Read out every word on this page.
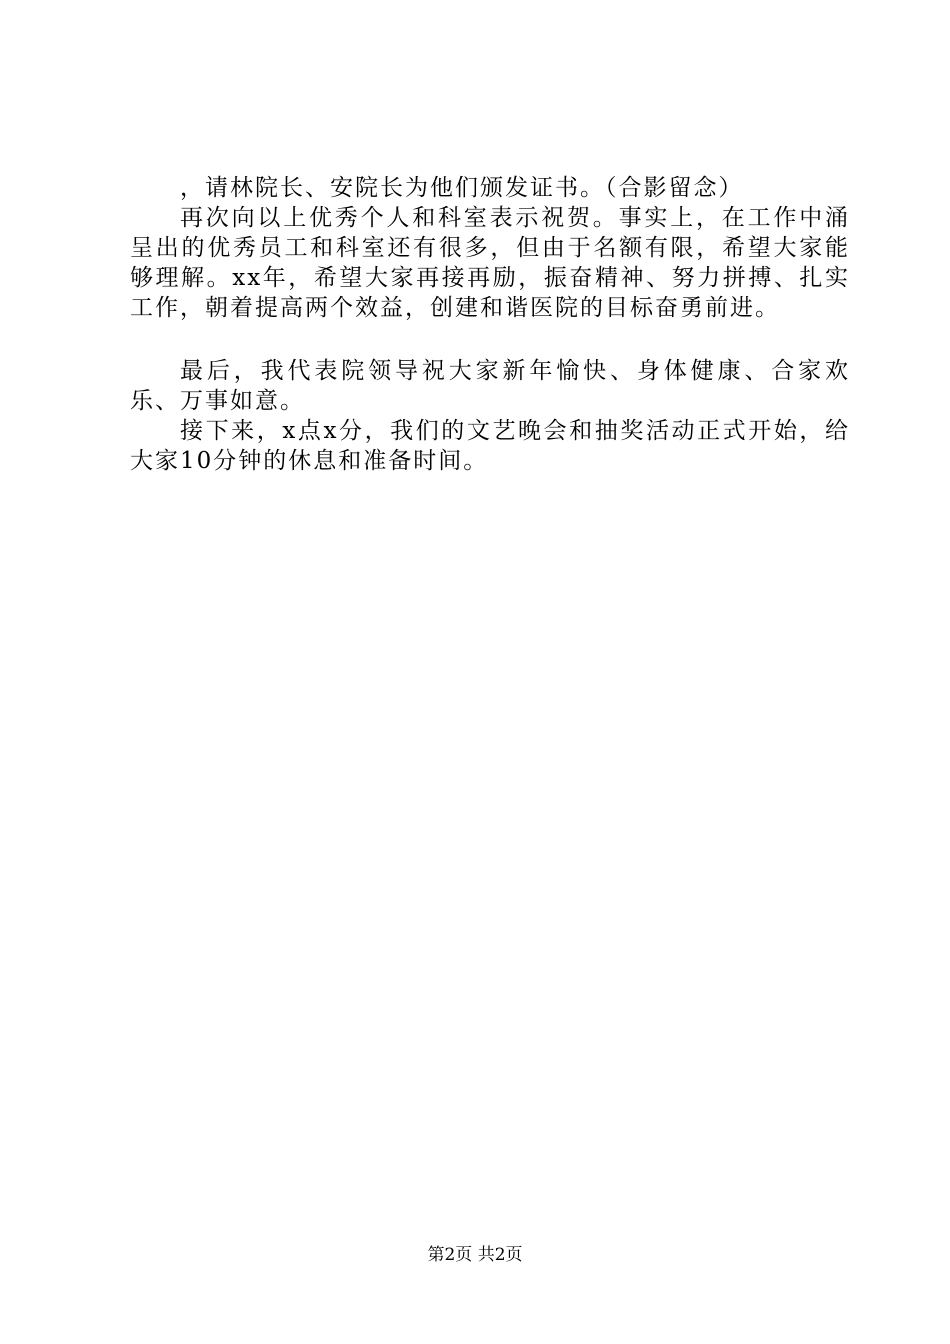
，请林院长、安院长为他们颁发证书。（合影留念）

再次向以上优秀个人和科室表示祝贺。事实上，在工作中涌呈出的优秀员工和科室还有很多，但由于名额有限，希望大家能够理解。xx年，希望大家再接再励，振奋精神、努力拼搏、扎实工作，朝着提高两个效益，创建和谐医院的目标奋勇前进。

最后，我代表院领导祝大家新年愉快、身体健康、合家欢乐、万事如意。

接下来，x点x分，我们的文艺晚会和抽奖活动正式开始，给大家10分钟的休息和准备时间。

第2页 共2页
